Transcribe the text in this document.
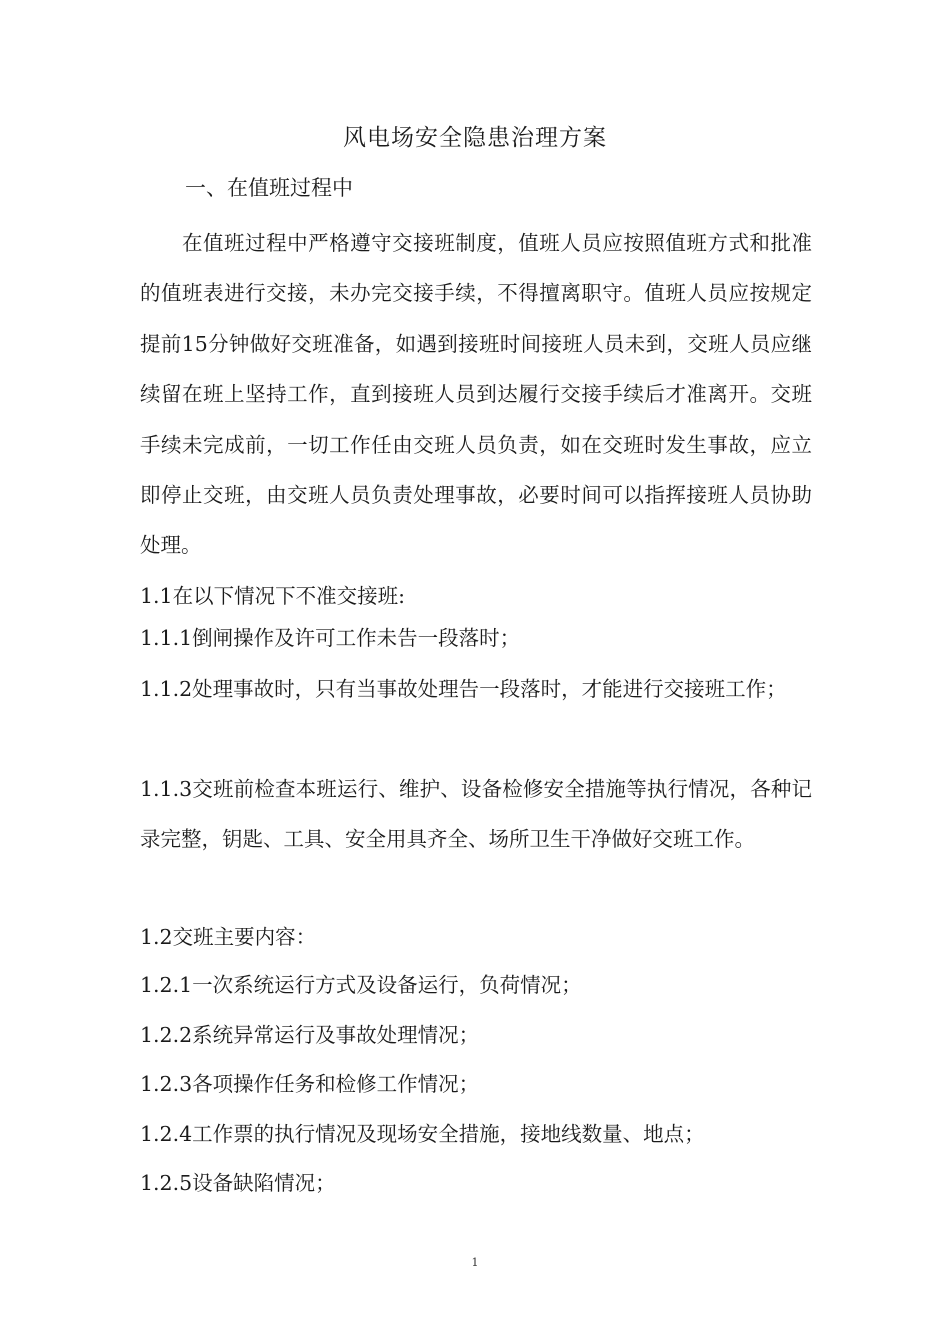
风电场安全隐患治理方案
一、在值班过程中

在值班过程中严格遵守交接班制度，值班人员应按照值班方式和批准的值班表进行交接，未办完交接手续，不得擅离职守。值班人员应按规定提前15分钟做好交班准备，如遇到接班时间接班人员未到，交班人员应继续留在班上坚持工作，直到接班人员到达履行交接手续后才准离开。交班手续未完成前，一切工作任由交班人员负责，如在交班时发生事故，应立即停止交班，由交班人员负责处理事故，必要时间可以指挥接班人员协助处理。

1.1在以下情况下不准交接班:

1.1.1倒闸操作及许可工作未告一段落时；

1.1.2处理事故时，只有当事故处理告一段落时，才能进行交接班工作；

1.1.3交班前检查本班运行、维护、设备检修安全措施等执行情况，各种记录完整，钥匙、工具、安全用具齐全、场所卫生干净做好交班工作。

1.2交班主要内容：

1.2.1一次系统运行方式及设备运行，负荷情况；

1.2.2系统异常运行及事故处理情况；

1.2.3各项操作任务和检修工作情况；

1.2.4工作票的执行情况及现场安全措施，接地线数量、地点；

1.2.5设备缺陷情况；

1
